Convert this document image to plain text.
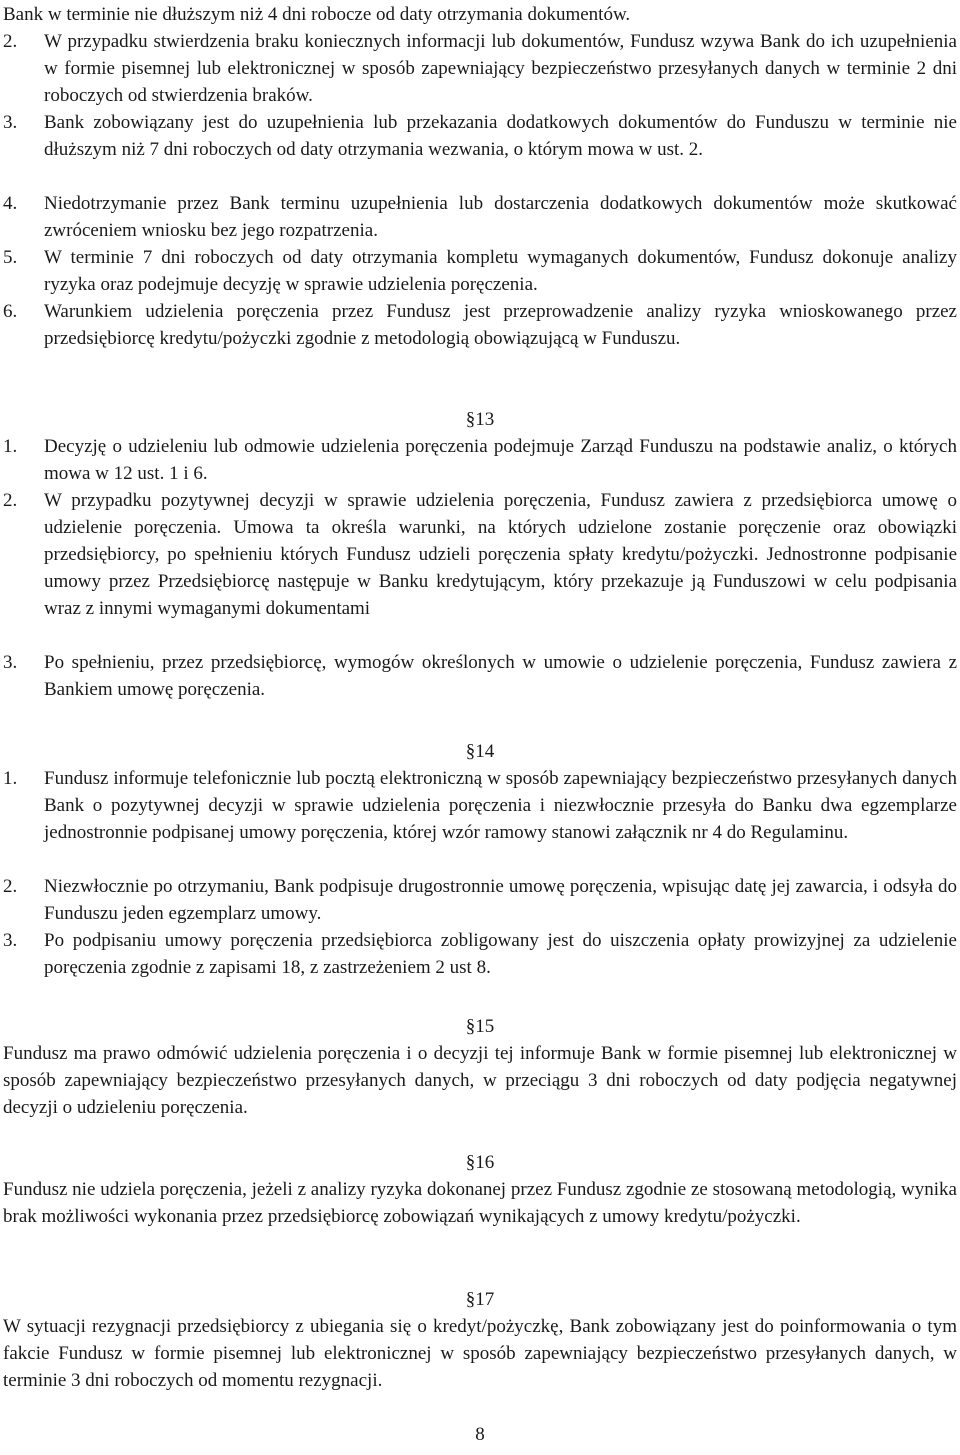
Bank w terminie nie dłuższym niż 4 dni robocze od daty otrzymania dokumentów.
2. W przypadku stwierdzenia braku koniecznych informacji lub dokumentów, Fundusz wzywa Bank do ich uzupełnienia w formie pisemnej lub elektronicznej w sposób zapewniający bezpieczeństwo przesyłanych danych w terminie 2 dni roboczych od stwierdzenia braków.
3. Bank zobowiązany jest do uzupełnienia lub przekazania dodatkowych dokumentów do Funduszu w terminie nie dłuższym niż 7 dni roboczych od daty otrzymania wezwania, o którym mowa w ust. 2.
4. Niedotrzymanie przez Bank terminu uzupełnienia lub dostarczenia dodatkowych dokumentów może skutkować zwróceniem wniosku bez jego rozpatrzenia.
5. W terminie 7 dni roboczych od daty otrzymania kompletu wymaganych dokumentów, Fundusz dokonuje analizy ryzyka oraz podejmuje decyzję w sprawie udzielenia poręczenia.
6. Warunkiem udzielenia poręczenia przez Fundusz jest przeprowadzenie analizy ryzyka wnioskowanego przez przedsiębiorcę kredytu/pożyczki zgodnie z metodologią obowiązującą w Funduszu.
§13
1. Decyzję o udzieleniu lub odmowie udzielenia poręczenia podejmuje Zarząd Funduszu na podstawie analiz, o których mowa w 12 ust. 1 i 6.
2. W przypadku pozytywnej decyzji w sprawie udzielenia poręczenia, Fundusz zawiera z przedsiębiorca umowę o udzielenie poręczenia. Umowa ta określa warunki, na których udzielone zostanie poręczenie oraz obowiązki przedsiębiorcy, po spełnieniu których Fundusz udzieli poręczenia spłaty kredytu/pożyczki. Jednostronne podpisanie umowy przez Przedsiębiorcę następuje w Banku kredytującym, który przekazuje ją Funduszowi w celu podpisania wraz z innymi wymaganymi dokumentami
3. Po spełnieniu, przez przedsiębiorcę, wymogów określonych w umowie o udzielenie poręczenia, Fundusz zawiera z Bankiem umowę poręczenia.
§14
1. Fundusz informuje telefonicznie lub pocztą elektroniczną w sposób zapewniający bezpieczeństwo przesyłanych danych Bank o pozytywnej decyzji w sprawie udzielenia poręczenia i niezwłocznie przesyła do Banku dwa egzemplarze jednostronnie podpisanej umowy poręczenia, której wzór ramowy stanowi załącznik nr 4 do Regulaminu.
2. Niezwłocznie po otrzymaniu, Bank podpisuje drugostronnie umowę poręczenia, wpisując datę jej zawarcia, i odsyła do Funduszu jeden egzemplarz umowy.
3. Po podpisaniu umowy poręczenia przedsiębiorca zobligowany jest do uiszczenia opłaty prowizyjnej za udzielenie poręczenia zgodnie z zapisami 18, z zastrzeżeniem 2 ust 8.
§15
Fundusz ma prawo odmówić udzielenia poręczenia i o decyzji tej informuje Bank w formie pisemnej lub elektronicznej w sposób zapewniający bezpieczeństwo przesyłanych danych, w przeciągu 3 dni roboczych od daty podjęcia negatywnej decyzji o udzieleniu poręczenia.
§16
Fundusz nie udziela poręczenia, jeżeli z analizy ryzyka dokonanej przez Fundusz zgodnie ze stosowaną metodologią, wynika brak możliwości wykonania przez przedsiębiorcę zobowiązań wynikających z umowy kredytu/pożyczki.
§17
W sytuacji rezygnacji przedsiębiorcy z ubiegania się o kredyt/pożyczkę, Bank zobowiązany jest do poinformowania o tym fakcie Fundusz w formie pisemnej lub elektronicznej w sposób zapewniający bezpieczeństwo przesyłanych danych, w terminie 3 dni roboczych od momentu rezygnacji.
8
